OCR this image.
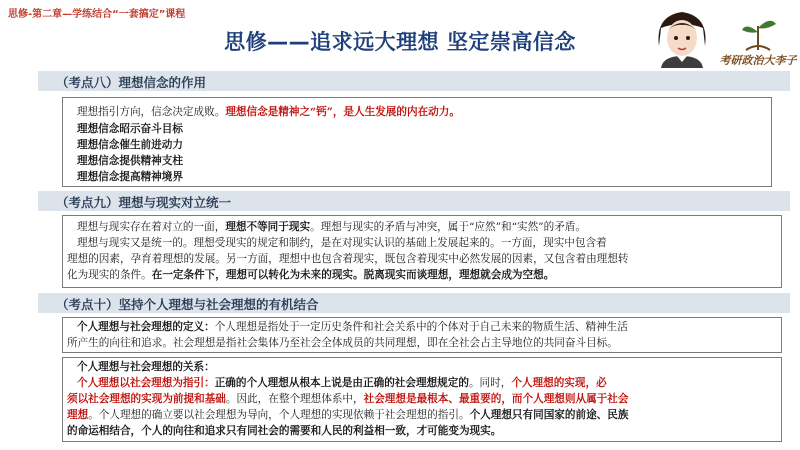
思修-第二章—学练结合“一套搞定”课程
思修——追求远大理想 坚定崇高信念
考研政治大李子
（考点八）理想信念的作用
理想指引方向，信念决定成败。理想信念是精神之“钙”，是人生发展的内在动力。
理想信念昭示奋斗目标
理想信念催生前进动力
理想信念提供精神支柱
理想信念提高精神境界
（考点九）理想与现实对立统一
理想与现实存在着对立的一面，理想不等同于现实。理想与现实的矛盾与冲突，属于“应然”和“实然”的矛盾。
理想与现实又是统一的。理想受现实的规定和制约，是在对现实认识的基础上发展起来的。一方面，现实中包含着
理想的因素，孕育着理想的发展。另一方面，理想中也包含着现实，既包含着现实中必然发展的因素，又包含着由理想转
化为现实的条件。在一定条件下，理想可以转化为未来的现实。脱离现实而谈理想，理想就会成为空想。
（考点十）坚持个人理想与社会理想的有机结合
个人理想与社会理想的定义：个人理想是指处于一定历史条件和社会关系中的个体对于自己未来的物质生活、精神生活
所产生的向往和追求。社会理想是指社会集体乃至社会全体成员的共同理想，即在全社会占主导地位的共同奋斗目标。
个人理想与社会理想的关系：
个人理想以社会理想为指引：正确的个人理想从根本上说是由正确的社会理想规定的。同时，个人理想的实现，必
须以社会理想的实现为前提和基础。因此，在整个理想体系中，社会理想是最根本、最重要的，而个人理想则从属于社会
理想。个人理想的确立要以社会理想为导向，个人理想的实现依赖于社会理想的指引。个人理想只有同国家的前途、民族
的命运相结合，个人的向往和追求只有同社会的需要和人民的利益相一致，才可能变为现实。
